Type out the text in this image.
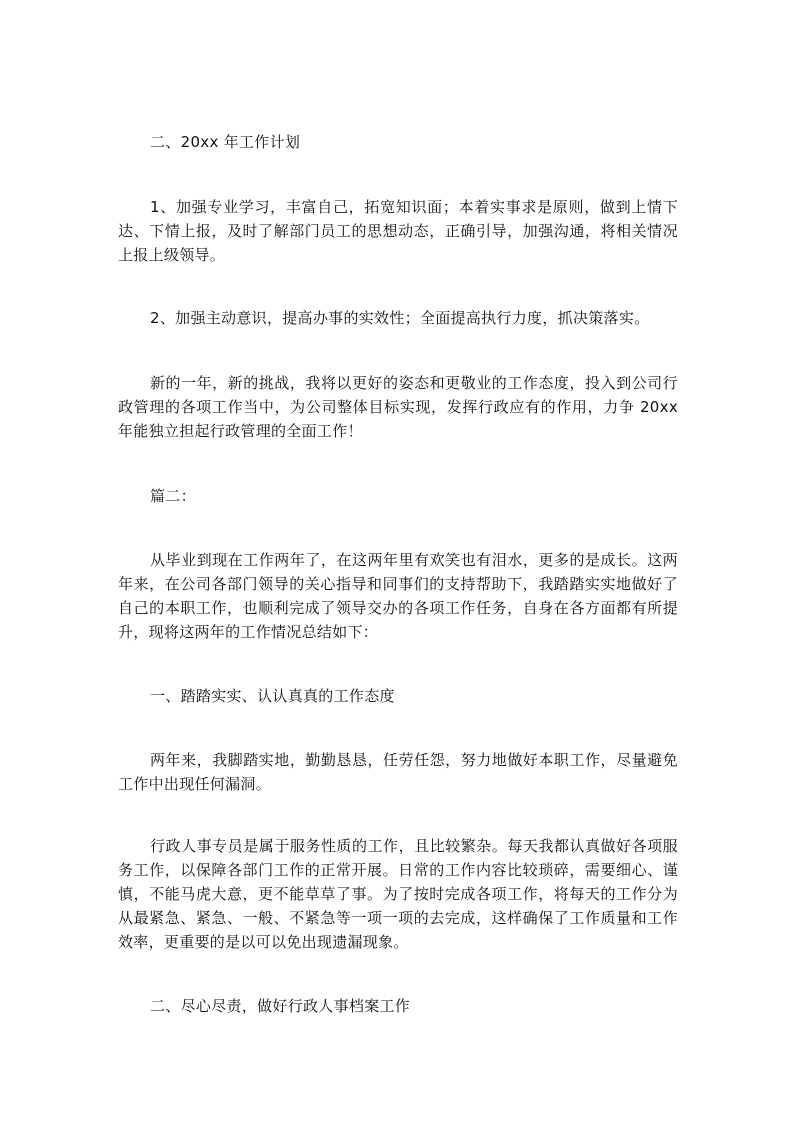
二、20xx 年工作计划

1、加强专业学习，丰富自己，拓宽知识面；本着实事求是原则，做到上情下达、下情上报，及时了解部门员工的思想动态，正确引导，加强沟通，将相关情况上报上级领导。

2、加强主动意识，提高办事的实效性；全面提高执行力度，抓决策落实。

新的一年，新的挑战，我将以更好的姿态和更敬业的工作态度，投入到公司行政管理的各项工作当中，为公司整体目标实现，发挥行政应有的作用，力争 20xx 年能独立担起行政管理的全面工作！

篇二：

从毕业到现在工作两年了，在这两年里有欢笑也有泪水，更多的是成长。这两年来，在公司各部门领导的关心指导和同事们的支持帮助下，我踏踏实实地做好了自己的本职工作，也顺利完成了领导交办的各项工作任务，自身在各方面都有所提升，现将这两年的工作情况总结如下：

一、踏踏实实、认认真真的工作态度

两年来，我脚踏实地，勤勤恳恳，任劳任怨，努力地做好本职工作，尽量避免工作中出现任何漏洞。

行政人事专员是属于服务性质的工作，且比较繁杂。每天我都认真做好各项服务工作，以保障各部门工作的正常开展。日常的工作内容比较琐碎，需要细心、谨慎，不能马虎大意，更不能草草了事。为了按时完成各项工作，将每天的工作分为从最紧急、紧急、一般、不紧急等一项一项的去完成，这样确保了工作质量和工作效率，更重要的是以可以免出现遗漏现象。

二、尽心尽责，做好行政人事档案工作
